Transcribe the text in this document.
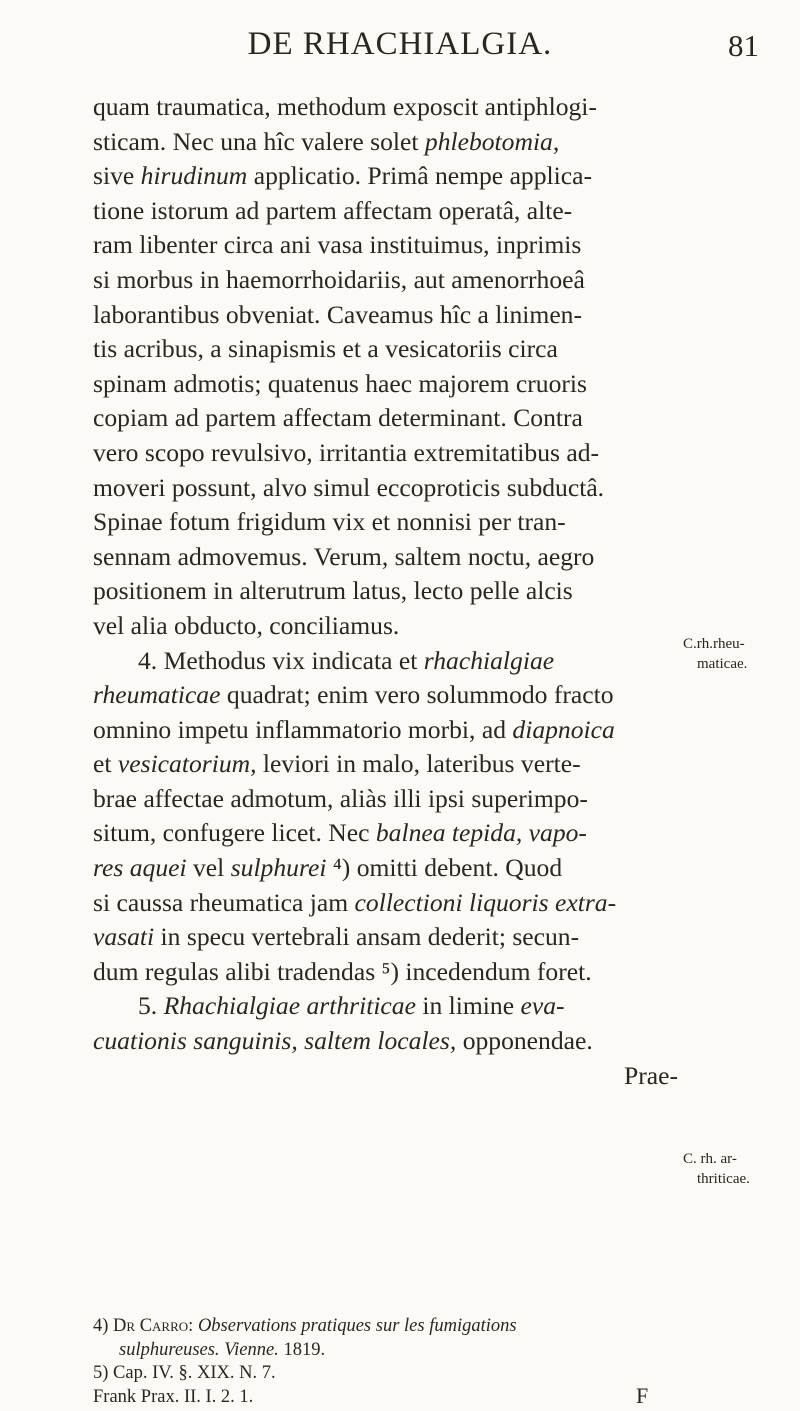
DE RHACHIALGIA.	81
quam traumatica, methodum exposcit antiphlogi-
sticam. Nec una hîc valere solet phlebotomia,
sive hirudinum applicatio. Primâ nempe applica-
tione istorum ad partem affectam operatâ, alte-
ram libenter circa ani vasa instituimus, inprimis
si morbus in haemorrhoidariis, aut amenorrhoeâ
laborantibus obveniat. Caveamus hîc a linimen-
tis acribus, a sinapismis et a vesicatoriis circa
spinam admotis; quatenus haec majorem cruoris
copiam ad partem affectam determinant. Contra
vero scopo revulsivo, irritantia extremitatibus ad-
moveri possunt, alvo simul eccoproticis subductâ.
Spinae fotum frigidum vix et nonnisi per tran-
sennam admovemus. Verum, saltem noctu, aegro
positionem in alterutrum latus, lecto pelle alcis
vel alia obducto, conciliamus.
4. Methodus vix indicata et rhachialgiae
rheumaticae quadrat; enim vero solummodo fracto
omnino impetu inflammatorio morbi, ad diapnoica
et vesicatorium, leviori in malo, lateribus verte-
brae affectae admotum, aliàs illi ipsi superimpo-
situm, confugere licet. Nec balnea tepida, vapo-
res aquei vel sulphurei ⁴) omitti debent. Quod
si caussa rheumatica jam collectioni liquoris extra-
vasati in specu vertebrali ansam dederit; secun-
dum regulas alibi tradendas ⁵) incedendum foret.
5. Rhachialgiae arthriticae in limine eva-
cuationis sanguinis, saltem locales, opponendae.
Prae-
C.rh.rheu-
maticae.
C. rh. ar-
thriticae.
4) Dr Carro: Observations pratiques sur les fumigations
sulphureuses. Vienne. 1819.
5) Cap. IV. §. XIX. N. 7.
Frank Prax. II. I. 2. 1.	F
